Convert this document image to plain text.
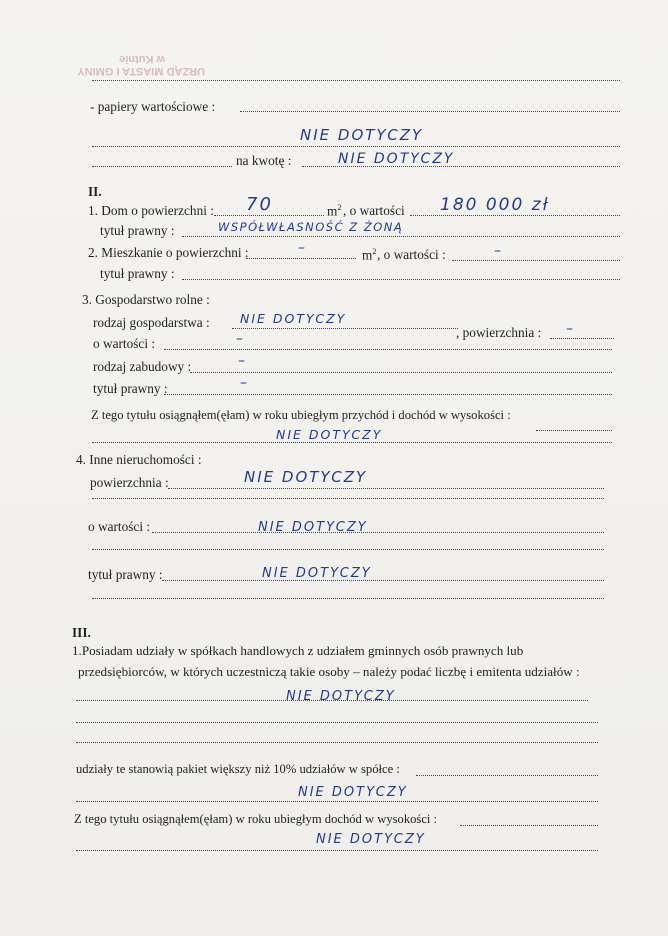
URZĄD MIASTA I GMINY
w Kutnie
- papiery wartościowe :
NIE DOTYCZY
na kwotę :	NIE DOTYCZY
II.
1. Dom o powierzchni : 70	$m^2$ , o wartości 180 000 zł
tytuł prawny :	WSPÓŁWŁASNOŚĆ Z ŻONĄ
2. Mieszkanie o powierzchni :	–	$m^2$ , o wartości :	–
tytuł prawny :
3. Gospodarstwo rolne :
rodzaj gospodarstwa : NIE DOTYCZY
, powierzchnia : –
o wartości :	–
rodzaj zabudowy :	–
tytuł prawny :	–
Z tego tytułu osiągnąłem(ęłam) w roku ubiegłym przychód i dochód w wysokości :
NIE DOTYCZY
4. Inne nieruchomości :
powierzchnia :	NIE DOTYCZY
o wartości :	NIE DOTYCZY
tytuł prawny :	NIE DOTYCZY
III.
1.Posiadam udziały w spółkach handlowych z udziałem gminnych osób prawnych lub
przedsiębiorców, w których uczestniczą takie osoby – należy podać liczbę i emitenta udziałów :
NIE DOTYCZY
udziały te stanowią pakiet większy niż 10% udziałów w spółce :
NIE DOTYCZY
Z tego tytułu osiągnąłem(ęłam) w roku ubiegłym dochód w wysokości :
NIE DOTYCZY
